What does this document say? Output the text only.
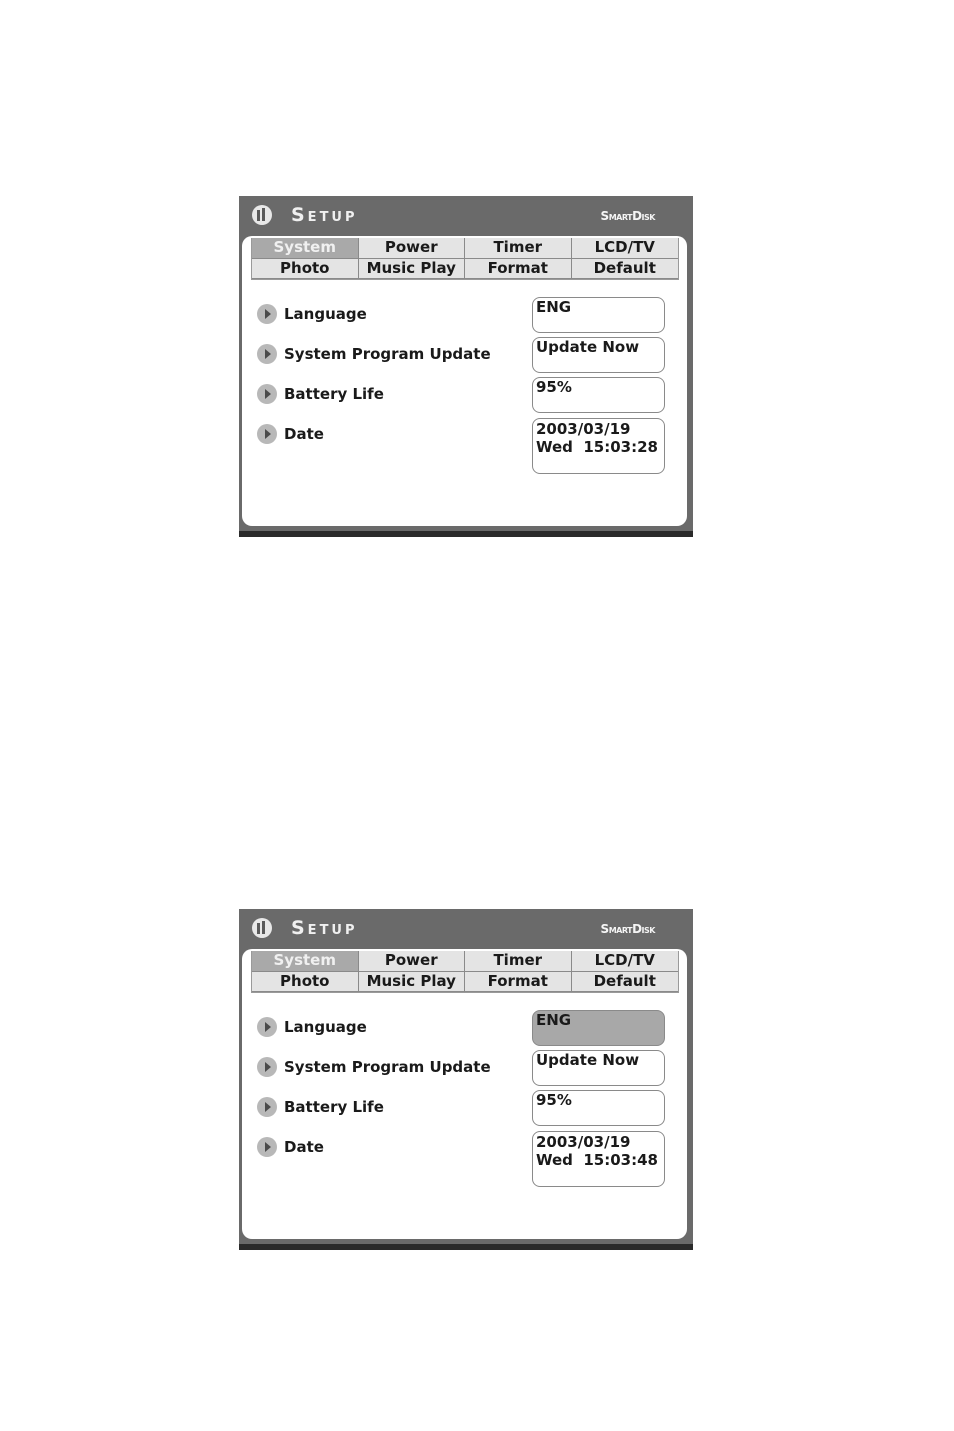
Setup	SmartDisk
System	Power	Timer	LCD/TV
Photo	Music Play	Format	Default
Language	ENG
System Program Update	Update Now
Battery Life	95%
Date	2003/03/19
Wed  15:03:28
Setup	SmartDisk
System	Power	Timer	LCD/TV
Photo	Music Play	Format	Default
Language	ENG
System Program Update	Update Now
Battery Life	95%
Date	2003/03/19
Wed  15:03:48
